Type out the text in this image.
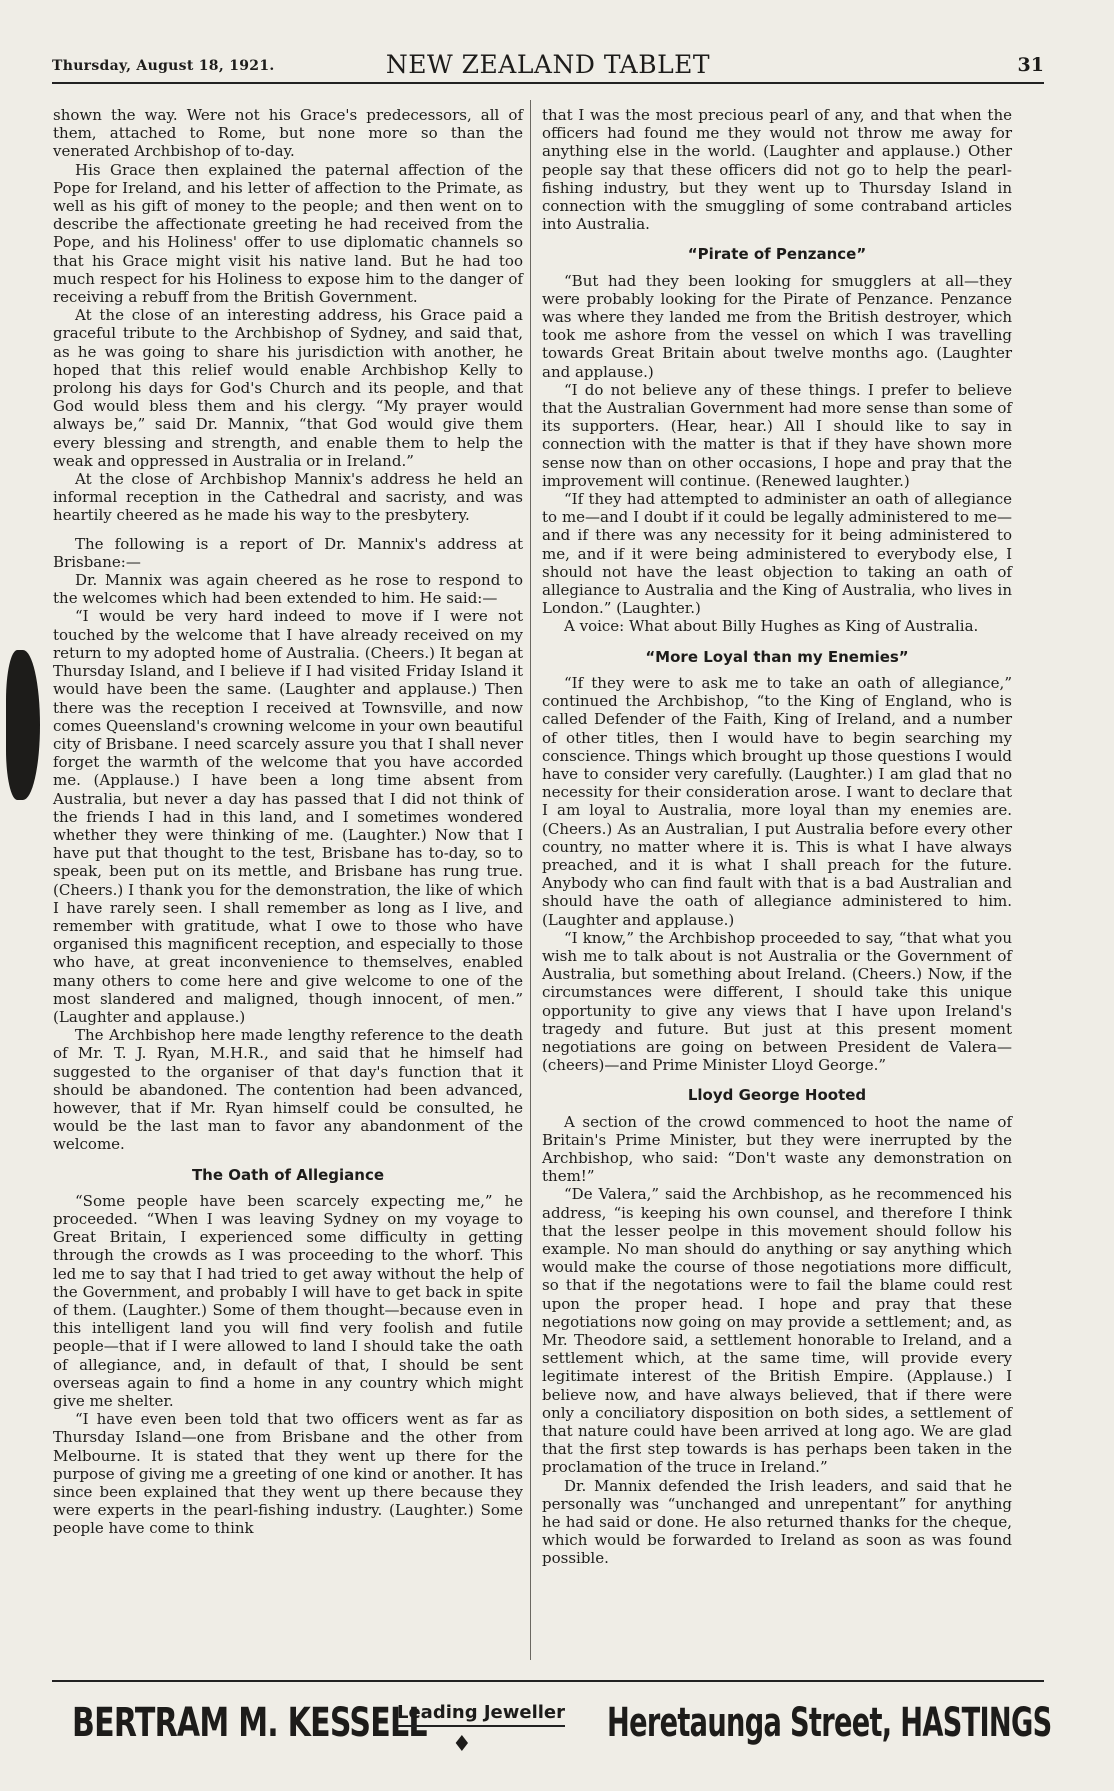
Thursday, August 18, 1921.	NEW ZEALAND TABLET	31

shown the way. Were not his Grace's predecessors, all of them, attached to Rome, but none more so than the venerated Archbishop of to-day.

His Grace then explained the paternal affection of the Pope for Ireland, and his letter of affection to the Primate, as well as his gift of money to the people; and then went on to describe the affectionate greeting he had received from the Pope, and his Holiness' offer to use diplomatic channels so that his Grace might visit his native land. But he had too much respect for his Holiness to expose him to the danger of receiving a rebuff from the British Government.

At the close of an interesting address, his Grace paid a graceful tribute to the Archbishop of Sydney, and said that, as he was going to share his jurisdiction with another, he hoped that this relief would enable Archbishop Kelly to prolong his days for God's Church and its people, and that God would bless them and his clergy. “My prayer would always be,” said Dr. Mannix, “that God would give them every blessing and strength, and enable them to help the weak and oppressed in Australia or in Ireland.”

At the close of Archbishop Mannix's address he held an informal reception in the Cathedral and sacristy, and was heartily cheered as he made his way to the presbytery.

The following is a report of Dr. Mannix's address at Brisbane:—

Dr. Mannix was again cheered as he rose to respond to the welcomes which had been extended to him. He said:—

“I would be very hard indeed to move if I were not touched by the welcome that I have already received on my return to my adopted home of Australia. (Cheers.) It began at Thursday Island, and I believe if I had visited Friday Island it would have been the same. (Laughter and applause.) Then there was the reception I received at Townsville, and now comes Queensland's crowning welcome in your own beautiful city of Brisbane. I need scarcely assure you that I shall never forget the warmth of the welcome that you have accorded me. (Applause.) I have been a long time absent from Australia, but never a day has passed that I did not think of the friends I had in this land, and I sometimes wondered whether they were thinking of me. (Laughter.) Now that I have put that thought to the test, Brisbane has to-day, so to speak, been put on its mettle, and Brisbane has rung true. (Cheers.) I thank you for the demonstration, the like of which I have rarely seen. I shall remember as long as I live, and remember with gratitude, what I owe to those who have organised this magnificent reception, and especially to those who have, at great inconvenience to themselves, enabled many others to come here and give welcome to one of the most slandered and maligned, though innocent, of men.” (Laughter and applause.)

The Archbishop here made lengthy reference to the death of Mr. T. J. Ryan, M.H.R., and said that he himself had suggested to the organiser of that day's function that it should be abandoned. The contention had been advanced, however, that if Mr. Ryan himself could be consulted, he would be the last man to favor any abandonment of the welcome.

The Oath of Allegiance

“Some people have been scarcely expecting me,” he proceeded. “When I was leaving Sydney on my voyage to Great Britain, I experienced some difficulty in getting through the crowds as I was proceeding to the whorf. This led me to say that I had tried to get away without the help of the Government, and probably I will have to get back in spite of them. (Laughter.) Some of them thought—because even in this intelligent land you will find very foolish and futile people—that if I were allowed to land I should take the oath of allegiance, and, in default of that, I should be sent overseas again to find a home in any country which might give me shelter.

“I have even been told that two officers went as far as Thursday Island—one from Brisbane and the other from Melbourne. It is stated that they went up there for the purpose of giving me a greeting of one kind or another. It has since been explained that they went up there because they were experts in the pearl-fishing industry. (Laughter.) Some people have come to think

that I was the most precious pearl of any, and that when the officers had found me they would not throw me away for anything else in the world. (Laughter and applause.) Other people say that these officers did not go to help the pearl-fishing industry, but they went up to Thursday Island in connection with the smuggling of some contraband articles into Australia.

“Pirate of Penzance”

“But had they been looking for smugglers at all—they were probably looking for the Pirate of Penzance. Penzance was where they landed me from the British destroyer, which took me ashore from the vessel on which I was travelling towards Great Britain about twelve months ago. (Laughter and applause.)

“I do not believe any of these things. I prefer to believe that the Australian Government had more sense than some of its supporters. (Hear, hear.) All I should like to say in connection with the matter is that if they have shown more sense now than on other occasions, I hope and pray that the improvement will continue. (Renewed laughter.)

“If they had attempted to administer an oath of allegiance to me—and I doubt if it could be legally administered to me—and if there was any necessity for it being administered to me, and if it were being administered to everybody else, I should not have the least objection to taking an oath of allegiance to Australia and the King of Australia, who lives in London.” (Laughter.)

A voice: What about Billy Hughes as King of Australia.

“More Loyal than my Enemies”

“If they were to ask me to take an oath of allegiance,” continued the Archbishop, “to the King of England, who is called Defender of the Faith, King of Ireland, and a number of other titles, then I would have to begin searching my conscience. Things which brought up those questions I would have to consider very carefully. (Laughter.) I am glad that no necessity for their consideration arose. I want to declare that I am loyal to Australia, more loyal than my enemies are. (Cheers.) As an Australian, I put Australia before every other country, no matter where it is. This is what I have always preached, and it is what I shall preach for the future. Anybody who can find fault with that is a bad Australian and should have the oath of allegiance administered to him. (Laughter and applause.)

“I know,” the Archbishop proceeded to say, “that what you wish me to talk about is not Australia or the Government of Australia, but something about Ireland. (Cheers.) Now, if the circumstances were different, I should take this unique opportunity to give any views that I have upon Ireland's tragedy and future. But just at this present moment negotiations are going on between President de Valera—(cheers)—and Prime Minister Lloyd George.”

Lloyd George Hooted

A section of the crowd commenced to hoot the name of Britain's Prime Minister, but they were inerrupted by the Archbishop, who said: “Don't waste any demonstration on them!”

“De Valera,” said the Archbishop, as he recommenced his address, “is keeping his own counsel, and therefore I think that the lesser peolpe in this movement should follow his example. No man should do anything or say anything which would make the course of those negotiations more difficult, so that if the negotations were to fail the blame could rest upon the proper head. I hope and pray that these negotiations now going on may provide a settlement; and, as Mr. Theodore said, a settlement honorable to Ireland, and a settlement which, at the same time, will provide every legitimate interest of the British Empire. (Applause.) I believe now, and have always believed, that if there were only a conciliatory disposition on both sides, a settlement of that nature could have been arrived at long ago. We are glad that the first step towards is has perhaps been taken in the proclamation of the truce in Ireland.”

Dr. Mannix defended the Irish leaders, and said that he personally was “unchanged and unrepentant” for anything he had said or done. He also returned thanks for the cheque, which would be forwarded to Ireland as soon as was found possible.

BERTRAM M. KESSELL
Leading Jeweller
♦	Heretaunga Street, HASTINGS
